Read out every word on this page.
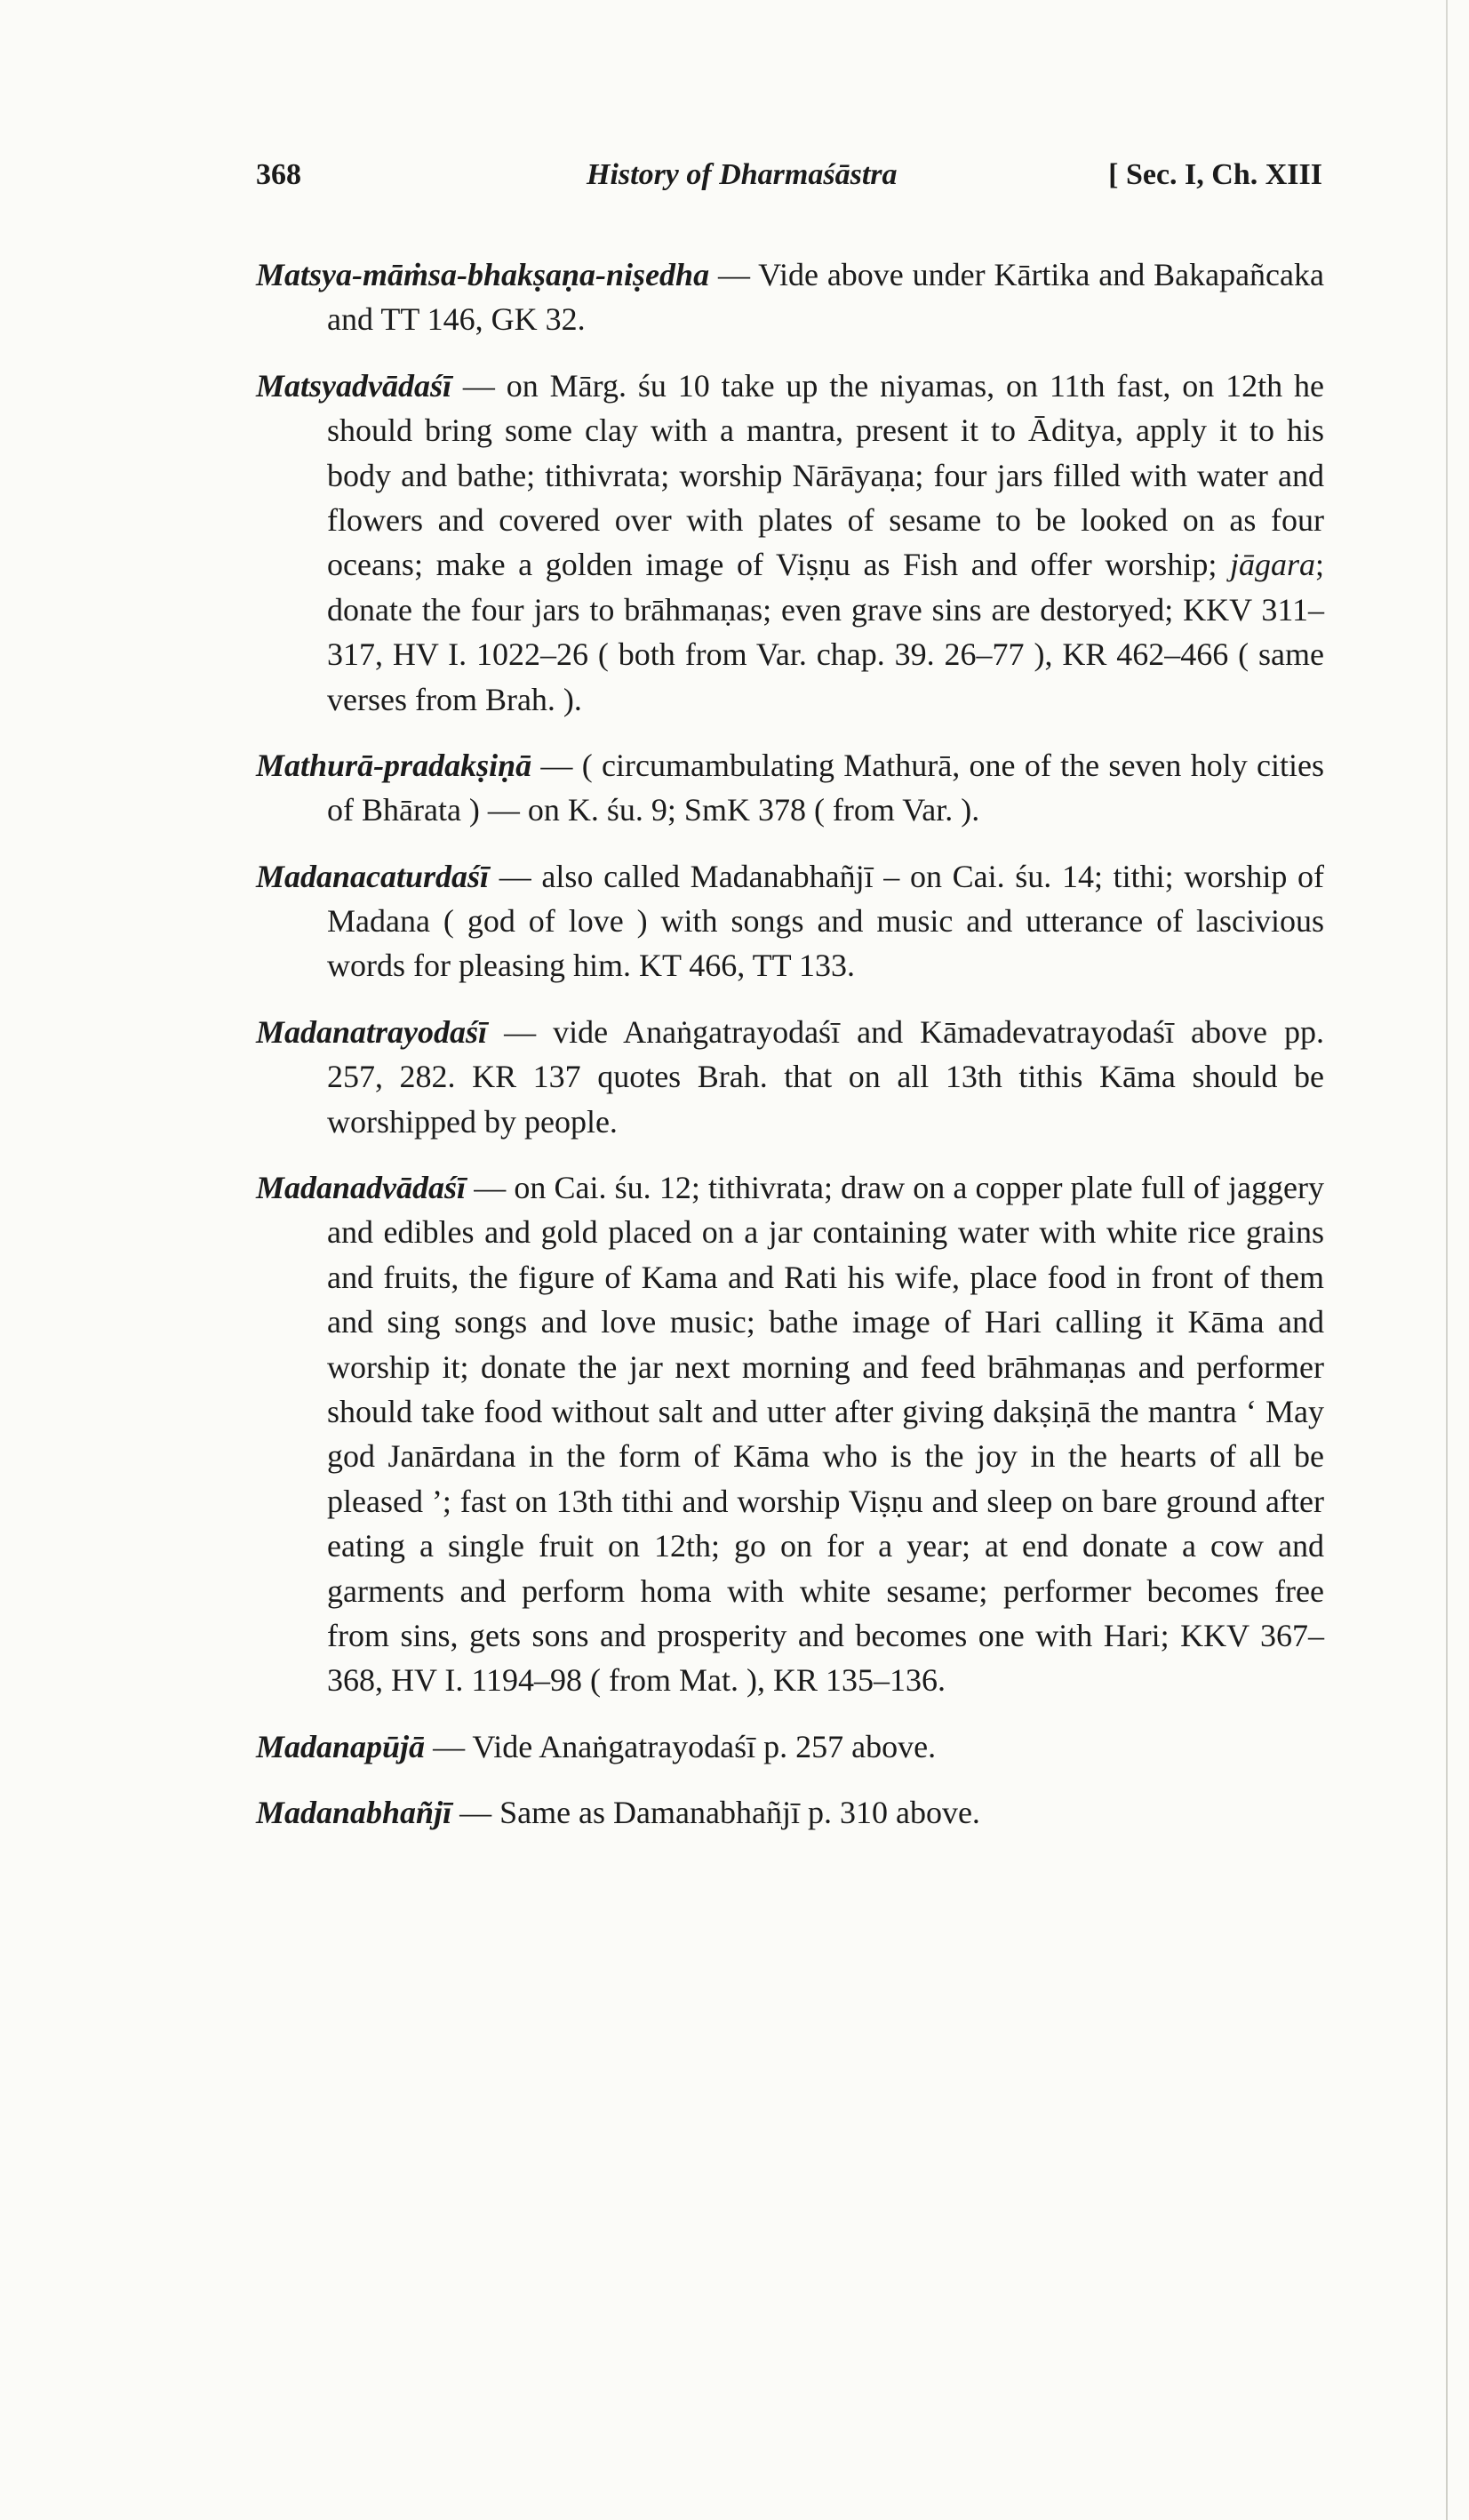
368	History of Dharmaśāstra	[ Sec. I, Ch. XIII

Matsya-māṁsa-bhakṣaṇa-niṣedha — Vide above under Kārtika and Bakapañcaka and TT 146, GK 32.

Matsyadvādaśī — on Mārg. śu 10 take up the niyamas, on 11th fast, on 12th he should bring some clay with a mantra, present it to Āditya, apply it to his body and bathe; tithivrata; worship Nārāyaṇa; four jars filled with water and flowers and covered over with plates of sesame to be looked on as four oceans; make a golden image of Viṣṇu as Fish and offer worship; jāgara; donate the four jars to brāhmaṇas; even grave sins are destoryed; KKV 311–317, HV I. 1022–26 ( both from Var. chap. 39. 26–77 ), KR 462–466 ( same verses from Brah. ).

Mathurā-pradakṣiṇā — ( circumambulating Mathurā, one of the seven holy cities of Bhārata ) — on K. śu. 9; SmK 378 ( from Var. ).

Madanacaturdaśī — also called Madanabhañjī – on Cai. śu. 14; tithi; worship of Madana ( god of love ) with songs and music and utterance of lascivious words for pleasing him. KT 466, TT 133.

Madanatrayodaśī — vide Anaṅgatrayodaśī and Kāmadevatrayodaśī above pp. 257, 282. KR 137 quotes Brah. that on all 13th tithis Kāma should be worshipped by people.

Madanadvādaśī — on Cai. śu. 12; tithivrata; draw on a copper plate full of jaggery and edibles and gold placed on a jar containing water with white rice grains and fruits, the figure of Kama and Rati his wife, place food in front of them and sing songs and love music; bathe image of Hari calling it Kāma and worship it; donate the jar next morning and feed brāhmaṇas and performer should take food without salt and utter after giving dakṣiṇā the mantra ‘ May god Janārdana in the form of Kāma who is the joy in the hearts of all be pleased ’; fast on 13th tithi and worship Viṣṇu and sleep on bare ground after eating a single fruit on 12th; go on for a year; at end donate a cow and garments and perform homa with white sesame; performer becomes free from sins, gets sons and prosperity and becomes one with Hari; KKV 367–368, HV I. 1194–98 ( from Mat. ), KR 135–136.

Madanapūjā — Vide Anaṅgatrayodaśī p. 257 above.

Madanabhañjī — Same as Damanabhañjī p. 310 above.
